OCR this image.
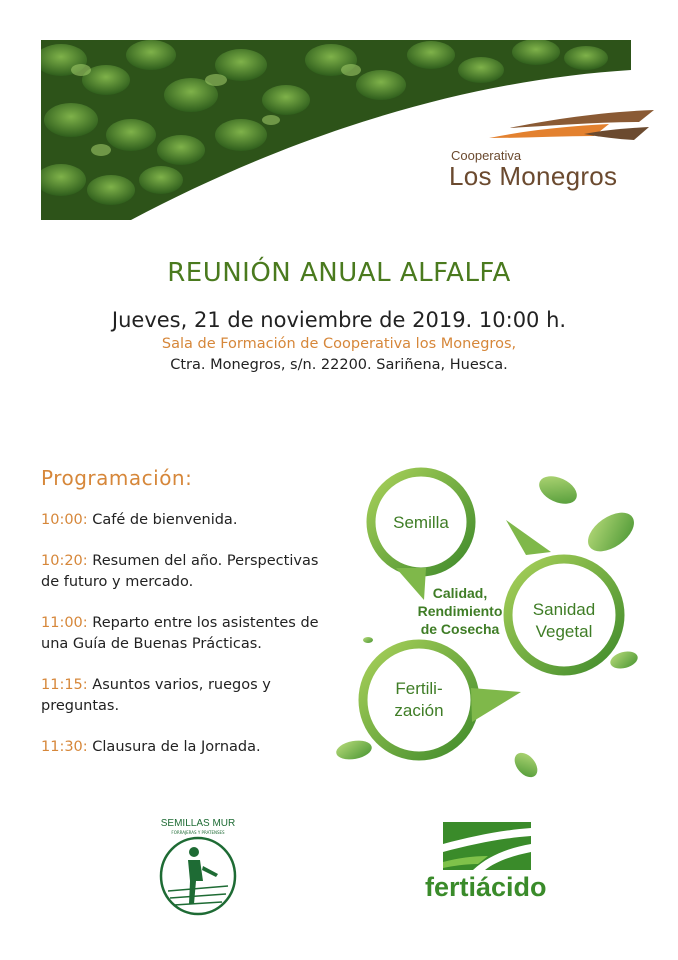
Cooperativa
Los Monegros
REUNIÓN ANUAL ALFALFA
Jueves, 21 de noviembre de 2019. 10:00 h.
Sala de Formación de Cooperativa los Monegros,
Ctra. Monegros, s/n. 22200. Sariñena, Huesca.
Programación:
10:00: Café de bienvenida.
10:20: Resumen del año. Perspectivas de futuro y mercado.
11:00: Reparto entre los asistentes de una Guía de Buenas Prácticas.
11:15: Asuntos varios, ruegos y preguntas.
11:30: Clausura de la Jornada.
Semilla
Sanidad
Vegetal
Fertili-
zación
Calidad,
Rendimiento
de Cosecha
SEMILLAS MUR
FORRAJERAS Y PRATENSES
fertiácido
